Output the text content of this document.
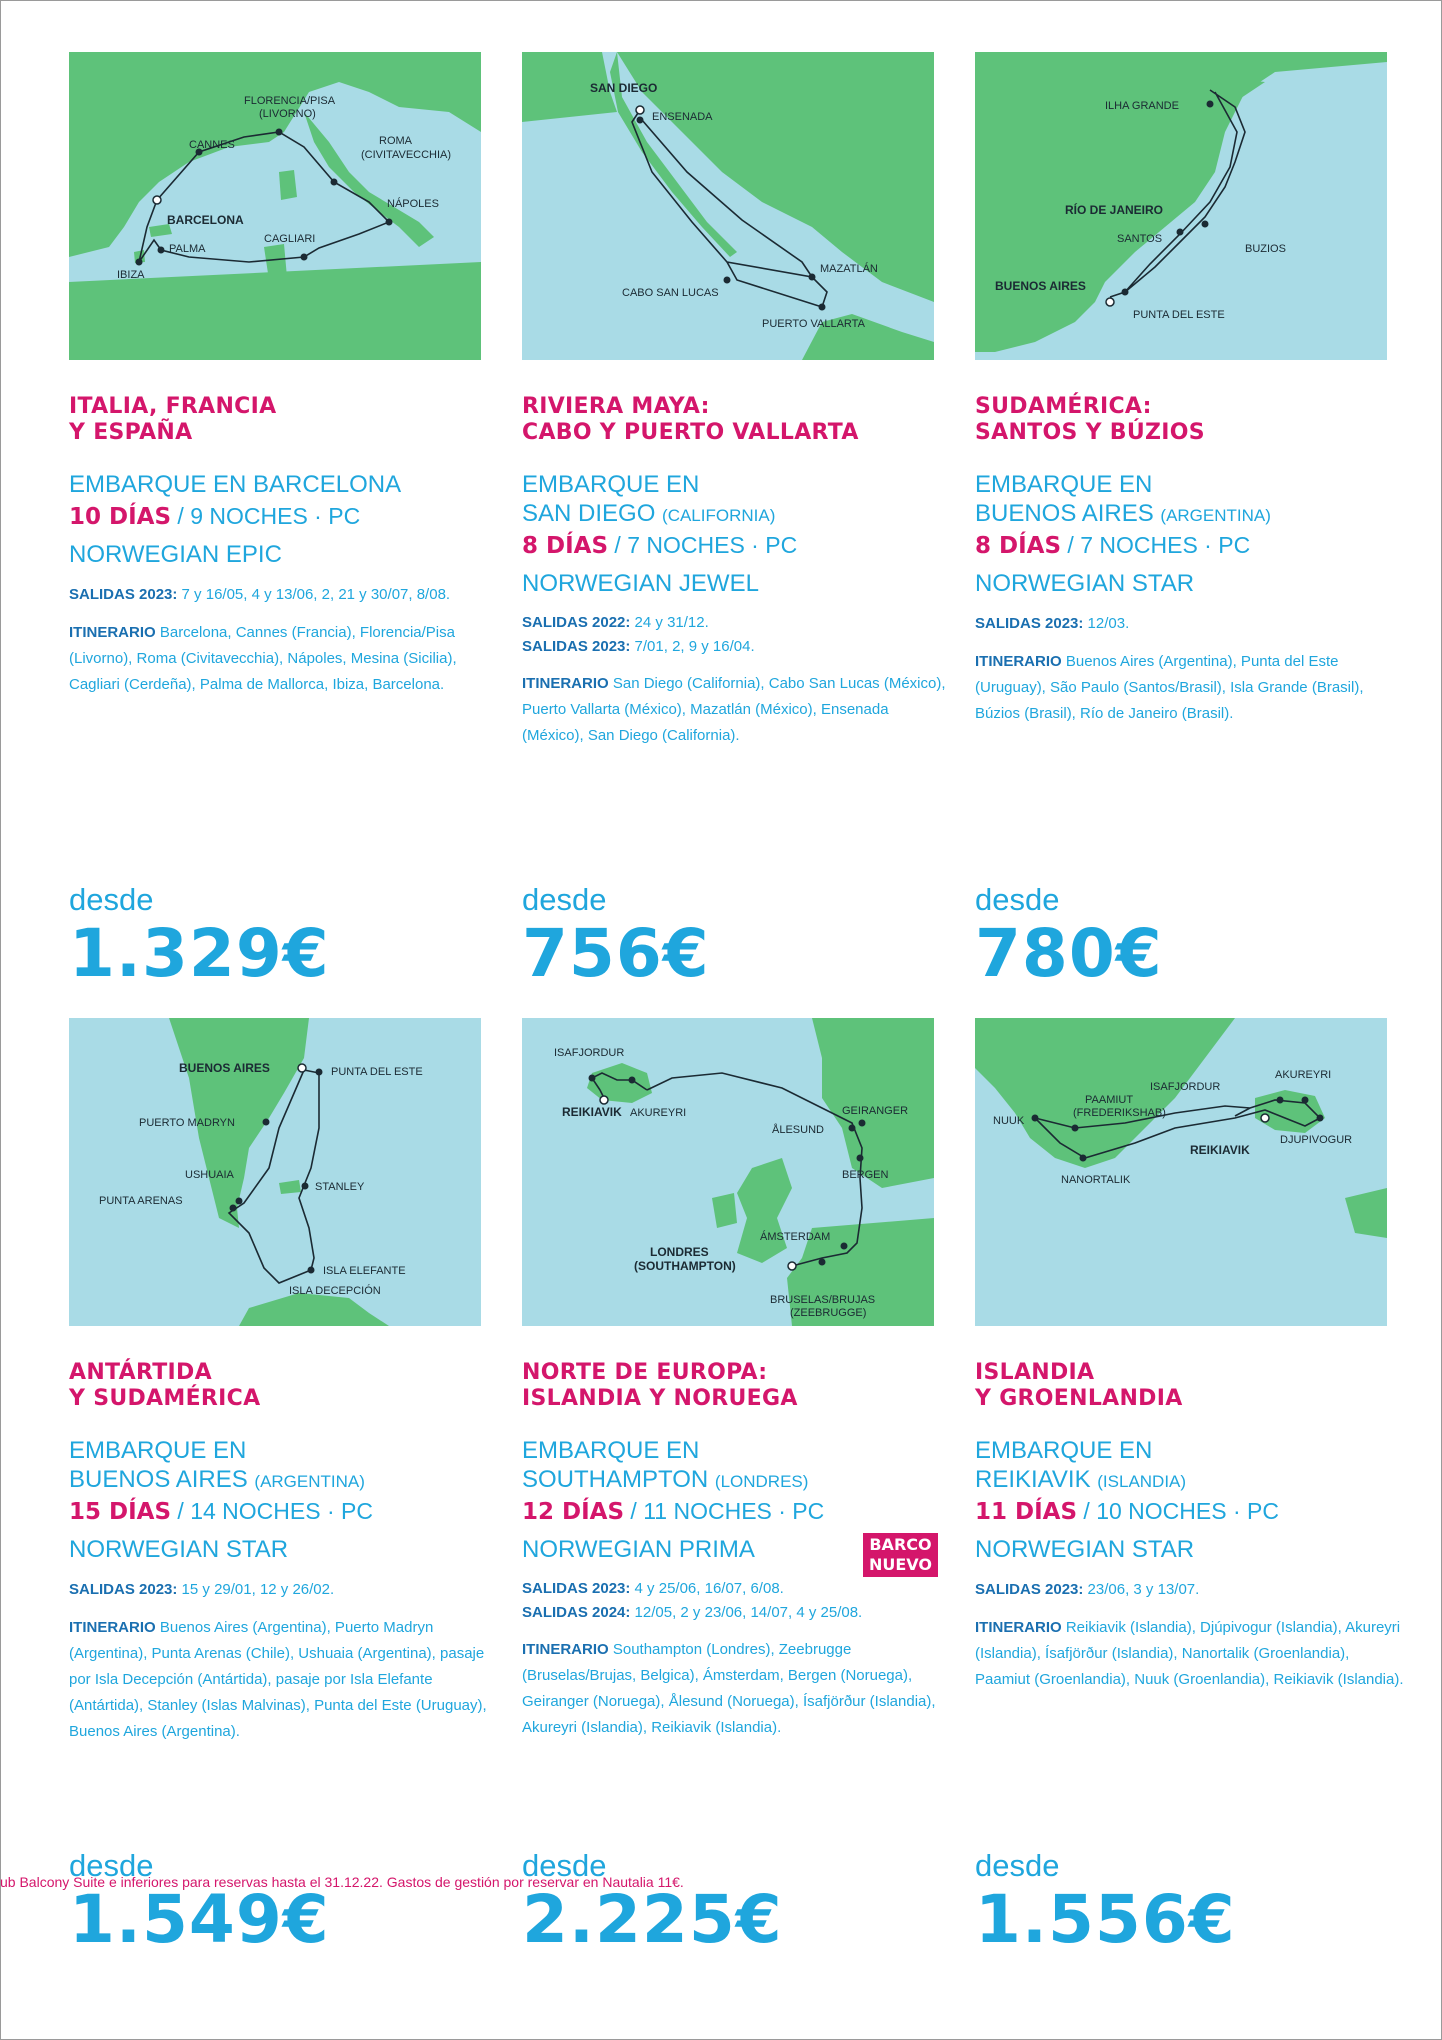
FLORENCIA/PISA
(LIVORNO)
CANNES	ROMA
(CIVITAVECCHIA)
BARCELONA
NÁPOLES
PALMA
CAGLIARI
IBIZA
ITALIA, FRANCIA
Y ESPAÑA
EMBARQUE EN BARCELONA
10 DÍAS / 9 NOCHES · PC
NORWEGIAN EPIC
SALIDAS 2023: 7 y 16/05, 4 y 13/06, 2, 21 y 30/07, 8/08.
ITINERARIO Barcelona, Cannes (Francia), Florencia/Pisa (Livorno), Roma (Civitavecchia), Nápoles, Mesina (Sicilia), Cagliari (Cerdeña), Palma de Mallorca, Ibiza, Barcelona.
desde
1.329€
SAN DIEGO
ENSENADA
MAZATLÁN
CABO SAN LUCAS
PUERTO VALLARTA
RIVIERA MAYA:
CABO Y PUERTO VALLARTA
EMBARQUE EN
SAN DIEGO (CALIFORNIA)
8 DÍAS / 7 NOCHES · PC
NORWEGIAN JEWEL
SALIDAS 2022: 24 y 31/12.
SALIDAS 2023: 7/01, 2, 9 y 16/04.
ITINERARIO San Diego (California), Cabo San Lucas (México), Puerto Vallarta (México), Mazatlán (México), Ensenada (México), San Diego (California).
desde
756€
ILHA GRANDE
RÍO DE JANEIRO
SANTOS
BUZIOS
BUENOS AIRES
PUNTA DEL ESTE
SUDAMÉRICA:
SANTOS Y BÚZIOS
EMBARQUE EN
BUENOS AIRES (ARGENTINA)
8 DÍAS / 7 NOCHES · PC
NORWEGIAN STAR
SALIDAS 2023: 12/03.
ITINERARIO Buenos Aires (Argentina), Punta del Este (Uruguay), São Paulo (Santos/Brasil), Isla Grande (Brasil), Búzios (Brasil), Río de Janeiro (Brasil).
desde
780€
BUENOS AIRES	PUNTA DEL ESTE
PUERTO MADRYN
USHUAIA
PUNTA ARENAS
STANLEY
ISLA ELEFANTE
ISLA DECEPCIÓN
ANTÁRTIDA
Y SUDAMÉRICA
EMBARQUE EN
BUENOS AIRES (ARGENTINA)
15 DÍAS / 14 NOCHES · PC
NORWEGIAN STAR
SALIDAS 2023: 15 y 29/01, 12 y 26/02.
ITINERARIO Buenos Aires (Argentina), Puerto Madryn (Argentina), Punta Arenas (Chile), Ushuaia (Argentina), pasaje por Isla Decepción (Antártida), pasaje por Isla Elefante (Antártida), Stanley (Islas Malvinas), Punta del Este (Uruguay), Buenos Aires (Argentina).
desde
1.549€
ISAFJORDUR
AKUREYRI
REIKIAVIK	GEIRANGER
ÅLESUND
BERGEN
ÁMSTERDAM
LONDRES
(SOUTHAMPTON)
BRUSELAS/BRUJAS
(ZEEBRUGGE)
NORTE DE EUROPA:
ISLANDIA Y NORUEGA
EMBARQUE EN
SOUTHAMPTON (LONDRES)
12 DÍAS / 11 NOCHES · PC
NORWEGIAN PRIMA	BARCO
NUEVO
SALIDAS 2023: 4 y 25/06, 16/07, 6/08.
SALIDAS 2024: 12/05, 2 y 23/06, 14/07, 4 y 25/08.
ITINERARIO Southampton (Londres), Zeebrugge (Bruselas/Brujas, Belgica), Ámsterdam, Bergen (Noruega), Geiranger (Noruega), Ålesund (Noruega), Ísafjörður (Islandia), Akureyri (Islandia), Reikiavik (Islandia).
desde
2.225€
ISAFJORDUR
AKUREYRI
PAAMIUT
(FREDERIKSHAB)
NUUK
REIKIAVIK
DJUPIVOGUR
NANORTALIK
ISLANDIA
Y GROENLANDIA
EMBARQUE EN
REIKIAVIK (ISLANDIA)
11 DÍAS / 10 NOCHES · PC
NORWEGIAN STAR
SALIDAS 2023: 23/06, 3 y 13/07.
ITINERARIO Reikiavik (Islandia), Djúpivogur (Islandia), Akureyri (Islandia), Ísafjörður (Islandia), Nanortalik (Groenlandia), Paamiut (Groenlandia), Nuuk (Groenlandia), Reikiavik (Islandia).
desde
1.556€
ub Balcony Suite e inferiores para reservas hasta el 31.12.22. Gastos de gestión por reservar en Nautalia 11€.
